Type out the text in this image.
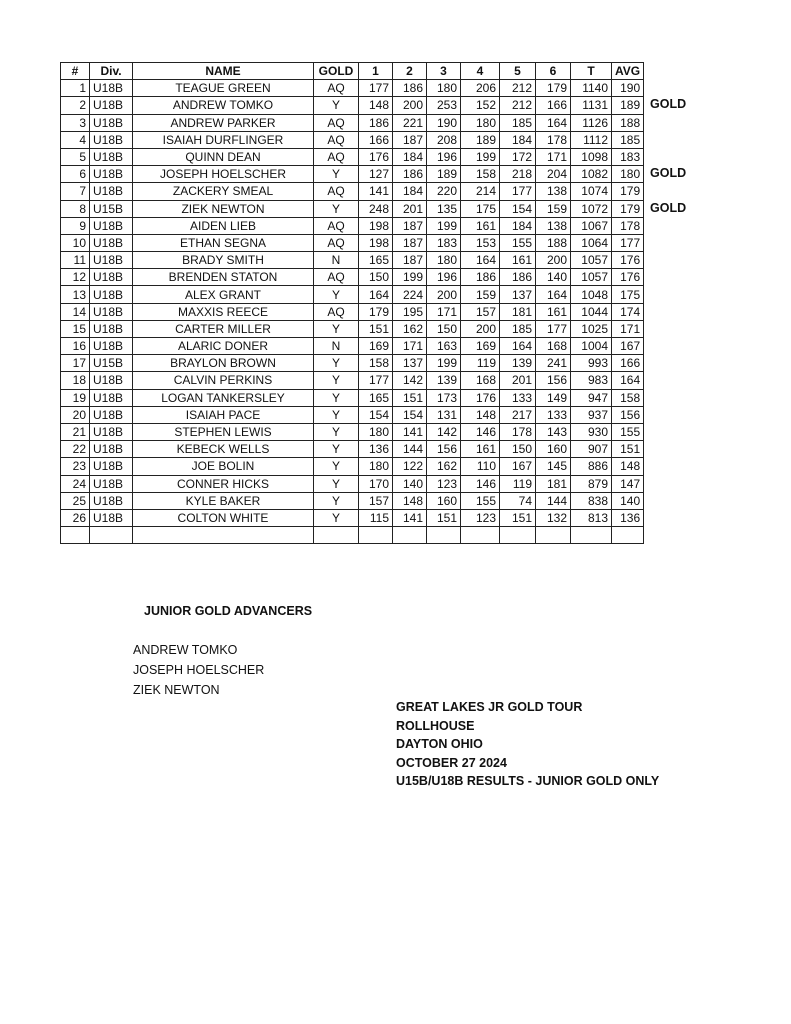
#	Div.	NAME	GOLD	1	2	3	4	5	6	T	AVG
1	U18B	TEAGUE GREEN	AQ	177	186	180	206	212	179	1140	190
2	U18B	ANDREW TOMKO	Y	148	200	253	152	212	166	1131	189
3	U18B	ANDREW PARKER	AQ	186	221	190	180	185	164	1126	188
4	U18B	ISAIAH DURFLINGER	AQ	166	187	208	189	184	178	1112	185
5	U18B	QUINN DEAN	AQ	176	184	196	199	172	171	1098	183
6	U18B	JOSEPH HOELSCHER	Y	127	186	189	158	218	204	1082	180
7	U18B	ZACKERY SMEAL	AQ	141	184	220	214	177	138	1074	179
8	U15B	ZIEK NEWTON	Y	248	201	135	175	154	159	1072	179
9	U18B	AIDEN LIEB	AQ	198	187	199	161	184	138	1067	178
10	U18B	ETHAN SEGNA	AQ	198	187	183	153	155	188	1064	177
11	U18B	BRADY SMITH	N	165	187	180	164	161	200	1057	176
12	U18B	BRENDEN STATON	AQ	150	199	196	186	186	140	1057	176
13	U18B	ALEX GRANT	Y	164	224	200	159	137	164	1048	175
14	U18B	MAXXIS REECE	AQ	179	195	171	157	181	161	1044	174
15	U18B	CARTER MILLER	Y	151	162	150	200	185	177	1025	171
16	U18B	ALARIC DONER	N	169	171	163	169	164	168	1004	167
17	U15B	BRAYLON BROWN	Y	158	137	199	119	139	241	993	166
18	U18B	CALVIN PERKINS	Y	177	142	139	168	201	156	983	164
19	U18B	LOGAN TANKERSLEY	Y	165	151	173	176	133	149	947	158
20	U18B	ISAIAH PACE	Y	154	154	131	148	217	133	937	156
21	U18B	STEPHEN LEWIS	Y	180	141	142	146	178	143	930	155
22	U18B	KEBECK WELLS	Y	136	144	156	161	150	160	907	151
23	U18B	JOE BOLIN	Y	180	122	162	110	167	145	886	148
24	U18B	CONNER HICKS	Y	170	140	123	146	119	181	879	147
25	U18B	KYLE BAKER	Y	157	148	160	155	74	144	838	140
26	U18B	COLTON WHITE	Y	115	141	151	123	151	132	813	136

GOLD
GOLD
GOLD
JUNIOR GOLD ADVANCERS
ANDREW TOMKO
JOSEPH HOELSCHER
ZIEK NEWTON
GREAT LAKES JR GOLD TOUR
ROLLHOUSE
DAYTON OHIO
OCTOBER 27 2024
U15B/U18B RESULTS - JUNIOR GOLD ONLY
